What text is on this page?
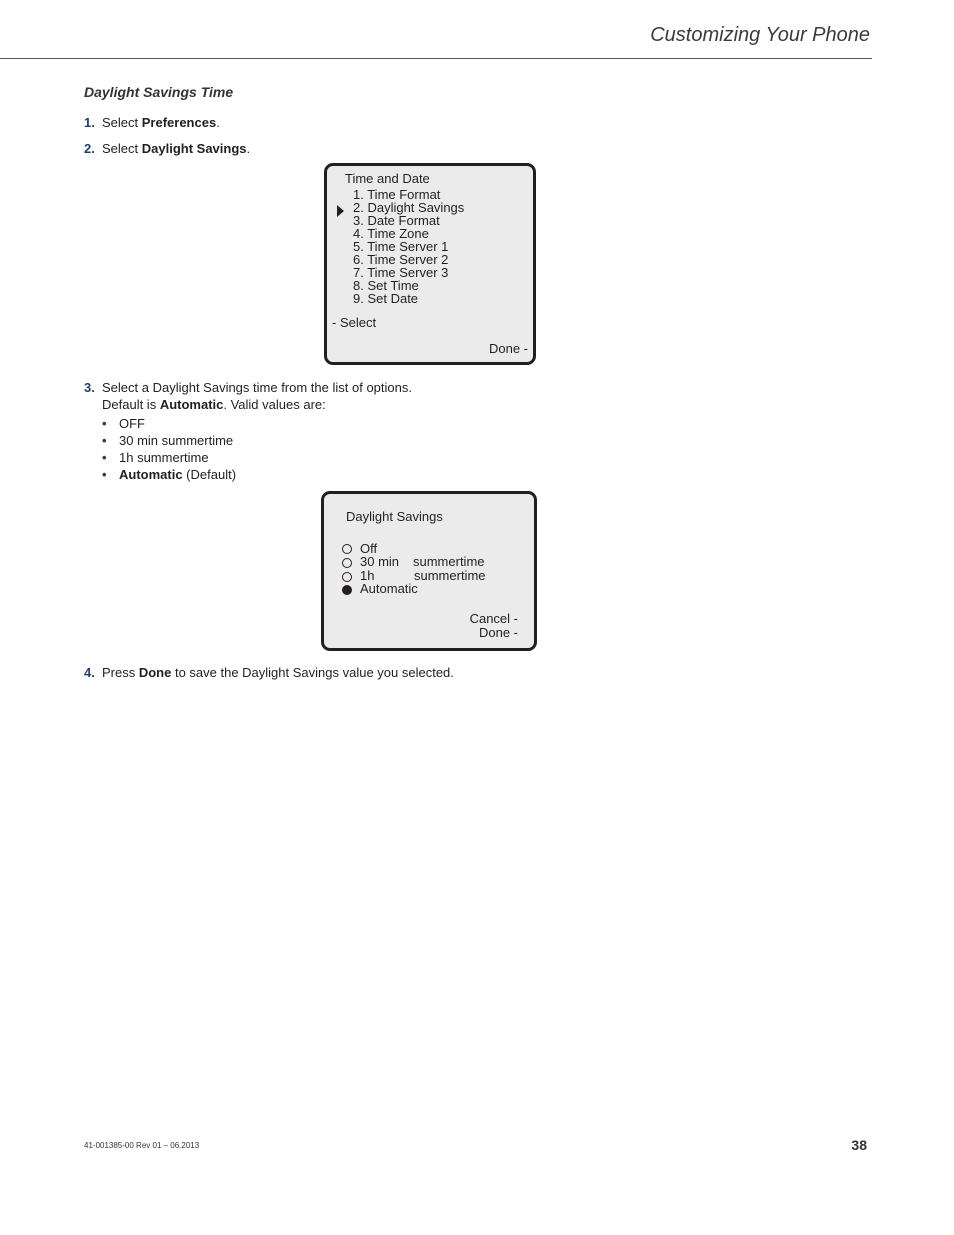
Customizing Your Phone
Daylight Savings Time
1. Select Preferences.
2. Select Daylight Savings.
Time and Date
1. Time Format
2. Daylight Savings
3. Date Format
4. Time Zone
5. Time Server 1
6. Time Server 2
7. Time Server 3
8. Set Time
9. Set Date
- Select
Done -
3. Select a Daylight Savings time from the list of options.
Default is Automatic. Valid values are:
• OFF
• 30 min summertime
• 1h summertime
• Automatic (Default)
Daylight Savings
Off
30 min summertime
1h	summertime
Automatic
Cancel -
Done -
4. Press Done to save the Daylight Savings value you selected.
41-001385-00 Rev 01 – 06.2013	38
